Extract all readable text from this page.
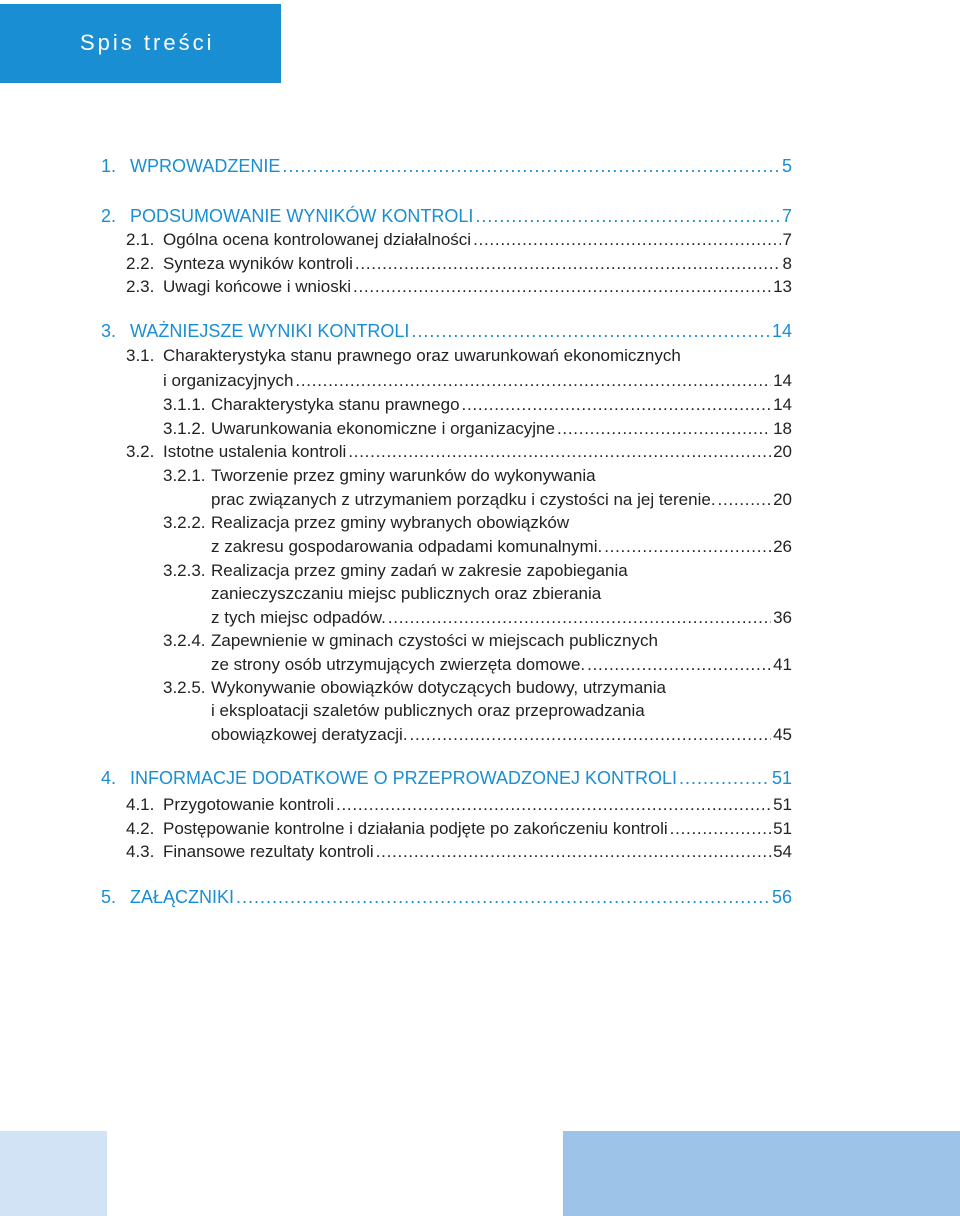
Spis treści
1. WPROWADZENIE . . .	5
2. PODSUMOWANIE WYNIKÓW KONTROLI . . .	7
2.1. Ogólna ocena kontrolowanej działalności . . .	7
2.2. Synteza wyników kontroli . . .	8
2.3. Uwagi końcowe i wnioski . . .	13
3. WAŻNIEJSZE WYNIKI KONTROLI . . .	14
3.1. Charakterystyka stanu prawnego oraz uwarunkowań ekonomicznych
i organizacyjnych . . .	14
3.1.1. Charakterystyka stanu prawnego . . .	14
3.1.2. Uwarunkowania ekonomiczne i organizacyjne . . .	18
3.2. Istotne ustalenia kontroli . . .	20
3.2.1. Tworzenie przez gminy warunków do wykonywania
prac związanych z utrzymaniem porządku i czystości na jej terenie. . . .	20
3.2.2. Realizacja przez gminy wybranych obowiązków
z zakresu gospodarowania odpadami komunalnymi. . . .	26
3.2.3. Realizacja przez gminy zadań w zakresie zapobiegania
zanieczyszczaniu miejsc publicznych oraz zbierania
z tych miejsc odpadów. . . .	36
3.2.4. Zapewnienie w gminach czystości w miejscach publicznych
ze strony osób utrzymujących zwierzęta domowe. . . .	41
3.2.5. Wykonywanie obowiązków dotyczących budowy, utrzymania
i eksploatacji szaletów publicznych oraz przeprowadzania
obowiązkowej deratyzacji. . . .	45
4. INFORMACJE DODATKOWE O PRZEPROWADZONEJ KONTROLI . . .	51
4.1. Przygotowanie kontroli . . .	51
4.2. Postępowanie kontrolne i działania podjęte po zakończeniu kontroli . . .	51
4.3. Finansowe rezultaty kontroli . . .	54
5. ZAŁĄCZNIKI . . .	56
